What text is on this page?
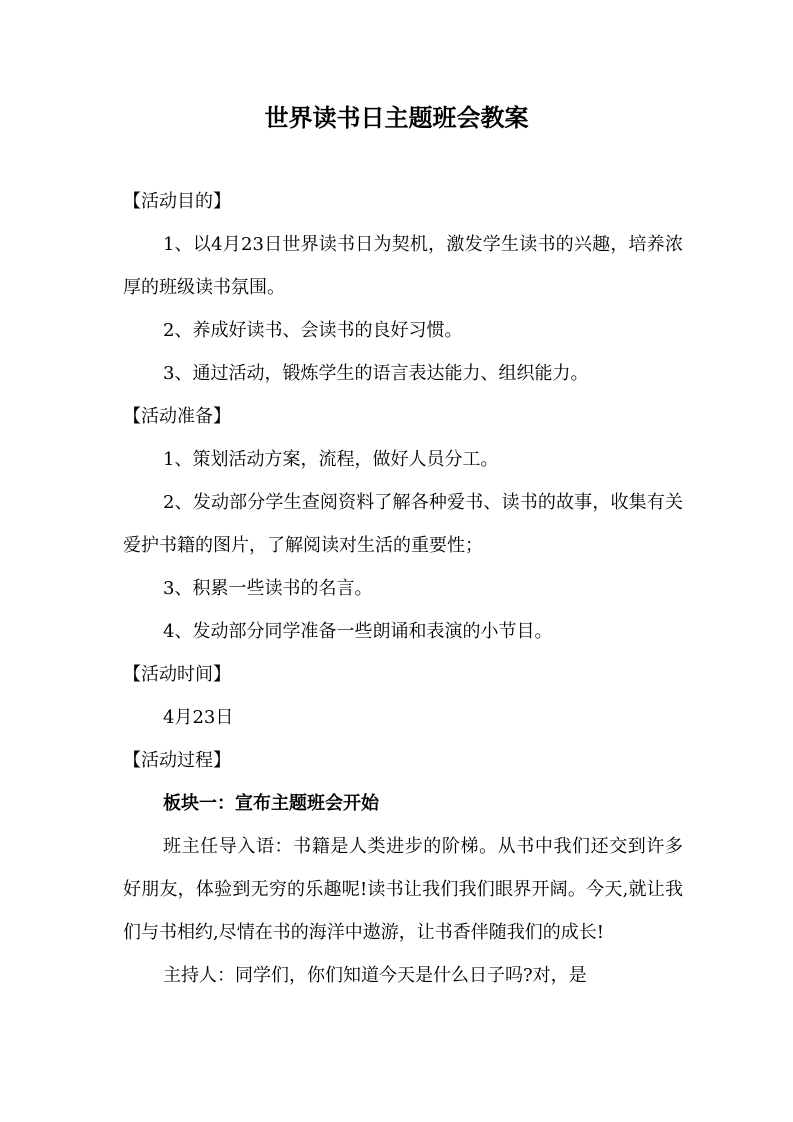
世界读书日主题班会教案

【活动目的】

1、以4月23日世界读书日为契机，激发学生读书的兴趣，培养浓厚的班级读书氛围。

2、养成好读书、会读书的良好习惯。

3、通过活动，锻炼学生的语言表达能力、组织能力。

【活动准备】

1、策划活动方案，流程，做好人员分工。

2、发动部分学生查阅资料了解各种爱书、读书的故事，收集有关爱护书籍的图片，了解阅读对生活的重要性；

3、积累一些读书的名言。

4、发动部分同学准备一些朗诵和表演的小节目。

【活动时间】

4月23日

【活动过程】

板块一：宣布主题班会开始

班主任导入语：书籍是人类进步的阶梯。从书中我们还交到许多好朋友，体验到无穷的乐趣呢!读书让我们我们眼界开阔。今天,就让我们与书相约,尽情在书的海洋中遨游，让书香伴随我们的成长!

主持人：同学们，你们知道今天是什么日子吗?对，是
